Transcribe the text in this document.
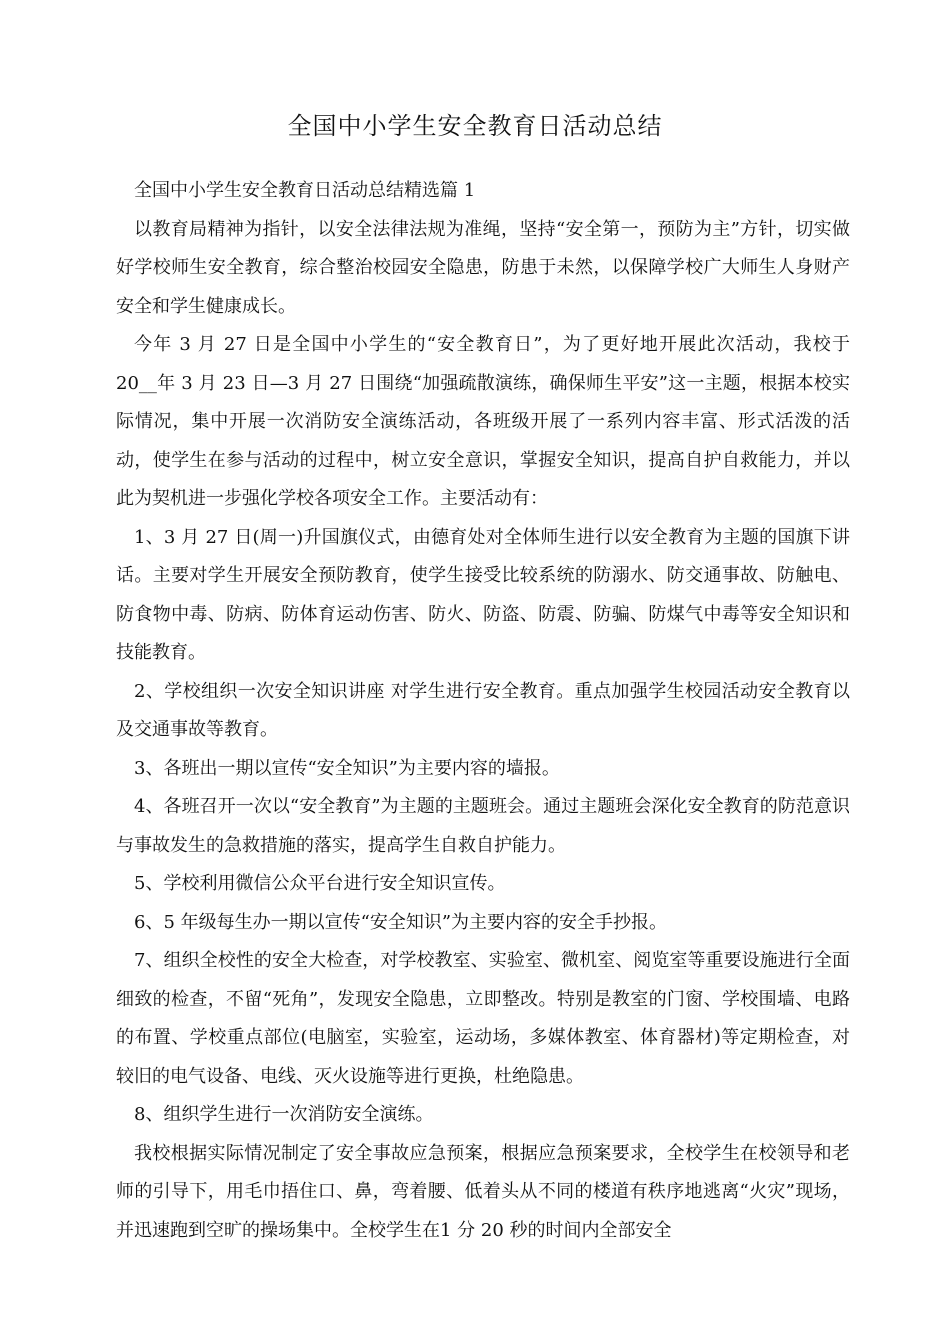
全国中小学生安全教育日活动总结

全国中小学生安全教育日活动总结精选篇 1

以教育局精神为指针，以安全法律法规为准绳，坚持“安全第一，预防为主”方针，切实做好学校师生安全教育，综合整治校园安全隐患，防患于未然，以保障学校广大师生人身财产安全和学生健康成长。

今年 3 月 27 日是全国中小学生的“安全教育日”，为了更好地开展此次活动，我校于 20__年 3 月 23 日—3 月 27 日围绕“加强疏散演练，确保师生平安”这一主题，根据本校实际情况，集中开展一次消防安全演练活动，各班级开展了一系列内容丰富、形式活泼的活动，使学生在参与活动的过程中，树立安全意识，掌握安全知识，提高自护自救能力，并以此为契机进一步强化学校各项安全工作。主要活动有：

1、3 月 27 日(周一)升国旗仪式，由德育处对全体师生进行以安全教育为主题的国旗下讲话。主要对学生开展安全预防教育，使学生接受比较系统的防溺水、防交通事故、防触电、防食物中毒、防病、防体育运动伤害、防火、防盗、防震、防骗、防煤气中毒等安全知识和技能教育。

2、学校组织一次安全知识讲座 对学生进行安全教育。重点加强学生校园活动安全教育以及交通事故等教育。

3、各班出一期以宣传“安全知识”为主要内容的墙报。

4、各班召开一次以“安全教育”为主题的主题班会。通过主题班会深化安全教育的防范意识与事故发生的急救措施的落实，提高学生自救自护能力。

5、学校利用微信公众平台进行安全知识宣传。

6、5 年级每生办一期以宣传“安全知识”为主要内容的安全手抄报。

7、组织全校性的安全大检查，对学校教室、实验室、微机室、阅览室等重要设施进行全面细致的检查，不留“死角”，发现安全隐患，立即整改。特别是教室的门窗、学校围墙、电路的布置、学校重点部位(电脑室，实验室，运动场，多媒体教室、体育器材)等定期检查，对较旧的电气设备、电线、灭火设施等进行更换，杜绝隐患。

8、组织学生进行一次消防安全演练。

我校根据实际情况制定了安全事故应急预案，根据应急预案要求，全校学生在校领导和老师的引导下，用毛巾捂住口、鼻，弯着腰、低着头从不同的楼道有秩序地逃离“火灾”现场，并迅速跑到空旷的操场集中。全校学生在1 分 20 秒的时间内全部安全
